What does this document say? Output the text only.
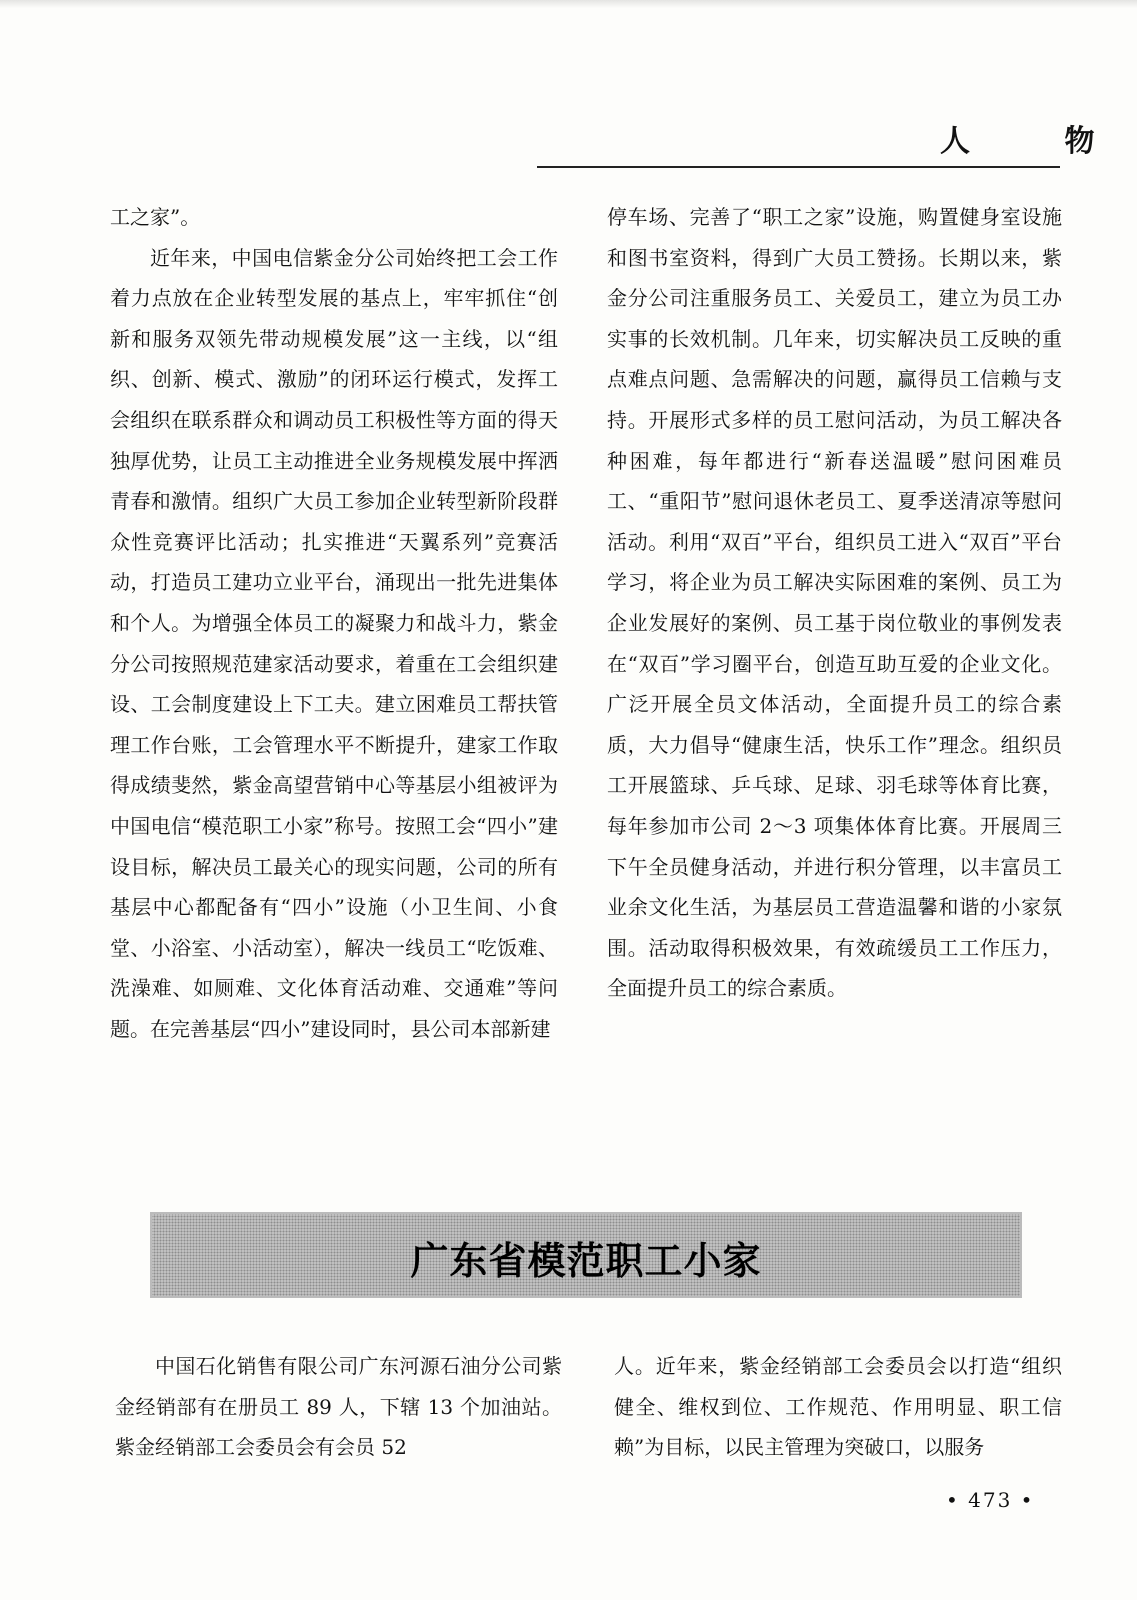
人 物

工之家”。

近年来，中国电信紫金分公司始终把工会工作着力点放在企业转型发展的基点上，牢牢抓住“创新和服务双领先带动规模发展”这一主线，以“组织、创新、模式、激励”的闭环运行模式，发挥工会组织在联系群众和调动员工积极性等方面的得天独厚优势，让员工主动推进全业务规模发展中挥洒青春和激情。组织广大员工参加企业转型新阶段群众性竞赛评比活动；扎实推进“天翼系列”竞赛活动，打造员工建功立业平台，涌现出一批先进集体和个人。为增强全体员工的凝聚力和战斗力，紫金分公司按照规范建家活动要求，着重在工会组织建设、工会制度建设上下工夫。建立困难员工帮扶管理工作台账，工会管理水平不断提升，建家工作取得成绩斐然，紫金高望营销中心等基层小组被评为中国电信“模范职工小家”称号。按照工会“四小”建设目标，解决员工最关心的现实问题，公司的所有基层中心都配备有“四小”设施（小卫生间、小食堂、小浴室、小活动室），解决一线员工“吃饭难、洗澡难、如厕难、文化体育活动难、交通难”等问题。在完善基层“四小”建设同时，县公司本部新建

停车场、完善了“职工之家”设施，购置健身室设施和图书室资料，得到广大员工赞扬。长期以来，紫金分公司注重服务员工、关爱员工，建立为员工办实事的长效机制。几年来，切实解决员工反映的重点难点问题、急需解决的问题，赢得员工信赖与支持。开展形式多样的员工慰问活动，为员工解决各种困难，每年都进行“新春送温暖”慰问困难员工、“重阳节”慰问退休老员工、夏季送清凉等慰问活动。利用“双百”平台，组织员工进入“双百”平台学习，将企业为员工解决实际困难的案例、员工为企业发展好的案例、员工基于岗位敬业的事例发表在“双百”学习圈平台，创造互助互爱的企业文化。广泛开展全员文体活动，全面提升员工的综合素质，大力倡导“健康生活，快乐工作”理念。组织员工开展篮球、乒乓球、足球、羽毛球等体育比赛，每年参加市公司 2～3 项集体体育比赛。开展周三下午全员健身活动，并进行积分管理，以丰富员工业余文化生活，为基层员工营造温馨和谐的小家氛围。活动取得积极效果，有效疏缓员工工作压力，全面提升员工的综合素质。

广东省模范职工小家

中国石化销售有限公司广东河源石油分公司紫金经销部有在册员工 89 人，下辖 13 个加油站。紫金经销部工会委员会有会员 52

人。近年来，紫金经销部工会委员会以打造“组织健全、维权到位、工作规范、作用明显、职工信赖”为目标，以民主管理为突破口，以服务

• 473 •
